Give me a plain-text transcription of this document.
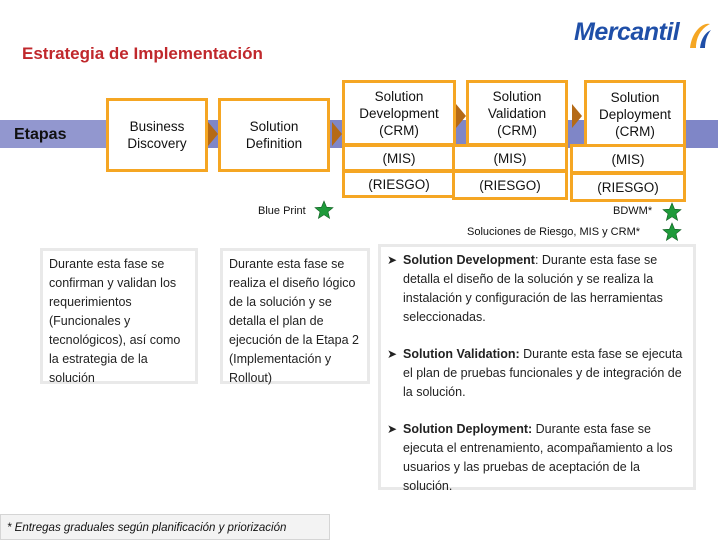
Estrategia de Implementación
Mercantil
Etapas	Business Discovery
Solution Definition
Solution Development (CRM)
(MIS)
(RIESGO)
Solution Validation (CRM)
(MIS)
(RIESGO)
Solution Deployment (CRM)
(MIS)
(RIESGO)
Blue Print	BDWM*
Soluciones de Riesgo, MIS y CRM*
Durante esta fase se confirman y validan los requerimientos (Funcionales y tecnológicos), así como la estrategia de la solución
Durante esta fase se realiza el diseño lógico de la solución y se detalla el plan de ejecución de la Etapa 2 (Implementación y Rollout)
➤ Solution Development: Durante esta fase se detalla el diseño de la solución y se realiza la instalación y configuración de las herramientas seleccionadas.
➤ Solution Validation: Durante esta fase se ejecuta el plan de pruebas funcionales y de integración de la solución.
➤ Solution Deployment: Durante esta fase se ejecuta el entrenamiento, acompañamiento a los usuarios y las pruebas de aceptación de la solución.
* Entregas graduales según planificación y priorización
